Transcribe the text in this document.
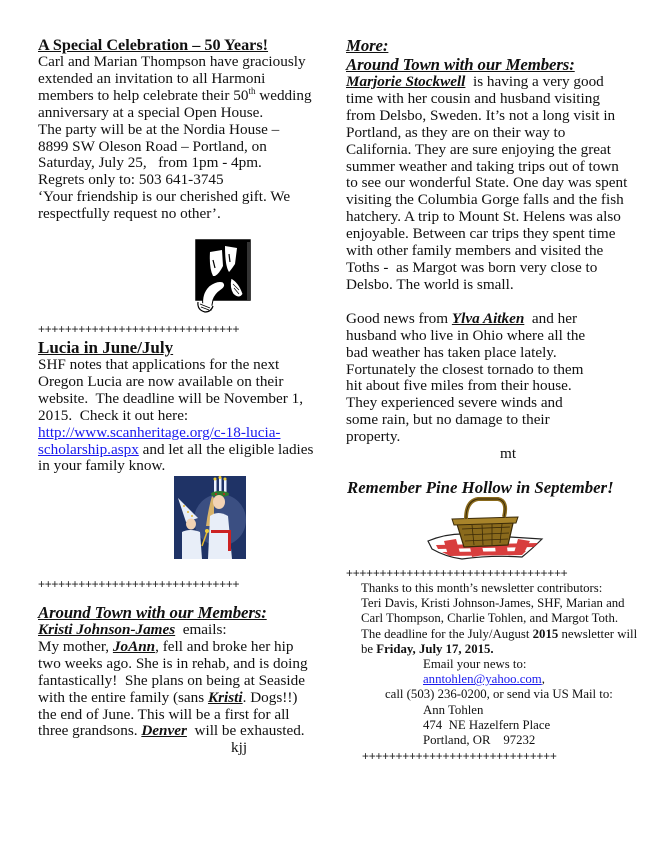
A Special Celebration – 50 Years!

Carl and Marian Thompson have graciously

extended an invitation to all Harmoni

members to help celebrate their 50th wedding

anniversary at a special Open House.

The party will be at the Nordia House –

8899 SW Oleson Road – Portland, on

Saturday, July 25,   from 1pm - 4pm.

Regrets only to: 503 641-3745

‘Your friendship is our cherished gift. We

respectfully request no other’.

++++++++++++++++++++++++++++++

Lucia in June/July

SHF notes that applications for the next

Oregon Lucia are now available on their

website.  The deadline will be November 1,

2015.  Check it out here:

http://www.scanheritage.org/c-18-lucia-

scholarship.aspx and let all the eligible ladies

in your family know.

++++++++++++++++++++++++++++++

Around Town with our Members:

Kristi Johnson-James  emails:

My mother, JoAnn, fell and broke her hip

two weeks ago. She is in rehab, and is doing

fantastically!  She plans on being at Seaside

with the entire family (sans Kristi. Dogs!!)

the end of June. This will be a first for all

three grandsons. Denver  will be exhausted.

kjj

More:

Around Town with our Members:

Marjorie Stockwell  is having a very good

time with her cousin and husband visiting

from Delsbo, Sweden. It’s not a long visit in

Portland, as they are on their way to

California. They are sure enjoying the great

summer weather and taking trips out of town

to see our wonderful State. One day was spent

visiting the Columbia Gorge falls and the fish

hatchery. A trip to Mount St. Helens was also

enjoyable. Between car trips they spent time

with other family members and visited the

Toths -  as Margot was born very close to

Delsbo. The world is small.

Good news from Ylva Aitken  and her

husband who live in Ohio where all the

bad weather has taken place lately.

Fortunately the closest tornado to them

hit about five miles from their house.

They experienced severe winds and

some rain, but no damage to their

property.

mt

Remember Pine Hollow in September!

+++++++++++++++++++++++++++++++++

Thanks to this month’s newsletter contributors:

Teri Davis, Kristi Johnson-James, SHF, Marian and

Carl Thompson, Charlie Tohlen, and Margot Toth.

The deadline for the July/August 2015 newsletter will

be Friday, July 17, 2015.

Email your news to:

anntohlen@yahoo.com,

call (503) 236-0200, or send via US Mail to:

Ann Tohlen

474  NE Hazelfern Place

Portland, OR    97232

+++++++++++++++++++++++++++++
